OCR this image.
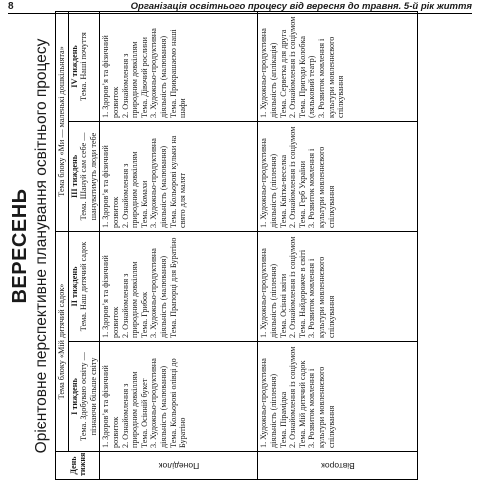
8	Організація освітнього процесу від вересня до травня. 5-й рік життя
ВЕРЕСЕНЬ Орієнтовне перспективне планування освітнього процесу
День тижня	Тема блоку «Мій дитячий садок»		Тема блоку «Ми — маленькі дошкільнята»	

	I тиждень Тема. Здобуваю освіту — пізнаючи більше світу	II тиждень Тема. Наш дитячий садок	III тиждень Тема. Шануй сам себе — шануватимуть люди тебе	IV тиждень Тема. Наші почуття

Понеділок	1. Здоров’я та фізичний розвиток 2. Ознайомлення з природним довкіллям Тема. Осінній букет 3. Художньо-продуктивна діяльність (малювання) Тема. Кольорові олівці до Буратіно	1. Здоров’я та фізичний розвиток 2. Ознайомлення з природним довкіллям Тема. Грибок 3. Художньо-продуктивна діяльність (малювання) Тема. Прапорці для Буратіно	1. Здоров’я та фізичний розвиток 2. Ознайомлення з природним довкіллям Тема. Комахи 3. Художньо-продуктивна діяльність (малювання) Тема. Кольорові кульки на свято для малят	1. Здоров’я та фізичний розвиток 2. Ознайомлення з природним довкіллям Тема. Дівочий рослини 3. Художньо-продуктивна діяльність (малювання) Тема. Прикрашаємо нашi шафи

Вівторок	1. Художньо-продуктивна діяльність (ліплення) Тема. Пірамідка 2. Ознайомлення із соціумом Тема. Мій дитячий садок 3. Розвиток мовлення і культури мовленнєвого спілкування	1. Художньо-продуктивна діяльність (ліплення) Тема. Осінні квіти 2. Ознайомлення із соціумом Тема. Найдорожче в світі 3. Розвиток мовлення і культури мовленнєвого спілкування	1. Художньо-продуктивна діяльність (ліплення) Тема. Квітка-веселка 2. Ознайомлення із соціумом Тема. Герб України 3. Розвиток мовлення і культури мовленнєвого спілкування	1. Художньо-продуктивна діяльність (аплікація) Тема. Серветка для друга 2. Ознайомлення із соціумом Тема. Пригоди Колобка (лялькoвий театр) 3. Розвиток мовлення і культури мовленнєвого спілкування
